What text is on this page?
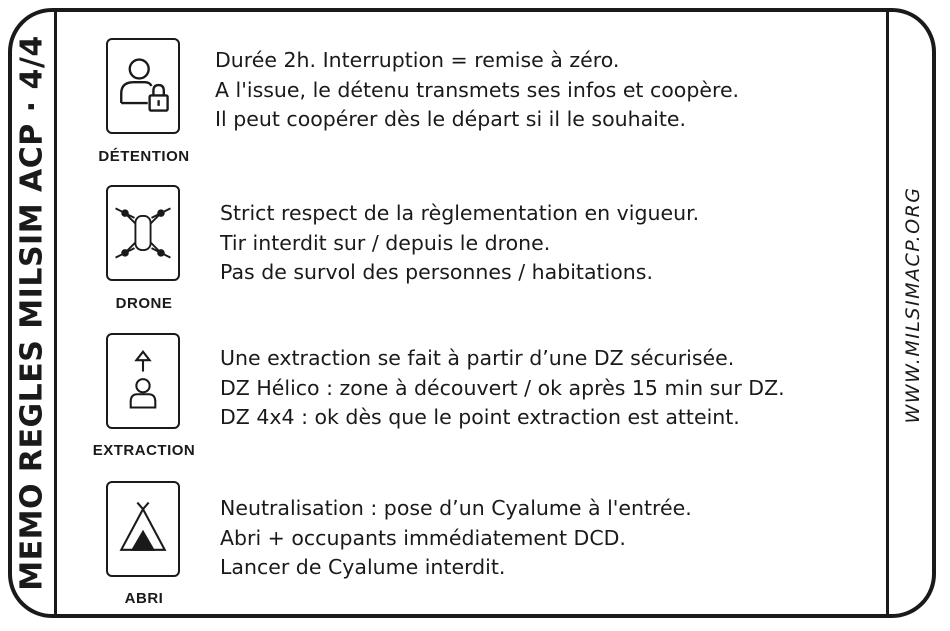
MEMO REGLES MILSIM ACP · 4/4	WWW.MILSIMACP.ORG
DÉTENTION
Durée 2h. Interruption = remise à zéro.
A l'issue, le détenu transmets ses infos et coopère.
Il peut coopérer dès le départ si il le souhaite.
DRONE
Strict respect de la règlementation en vigueur.
Tir interdit sur / depuis le drone.
Pas de survol des personnes / habitations.
EXTRACTION
Une extraction se fait à partir d’une DZ sécurisée.
DZ Hélico : zone à découvert / ok après 15 min sur DZ.
DZ 4x4 : ok dès que le point extraction est atteint.
ABRI
Neutralisation : pose d’un Cyalume à l'entrée.
Abri + occupants immédiatement DCD.
Lancer de Cyalume interdit.
